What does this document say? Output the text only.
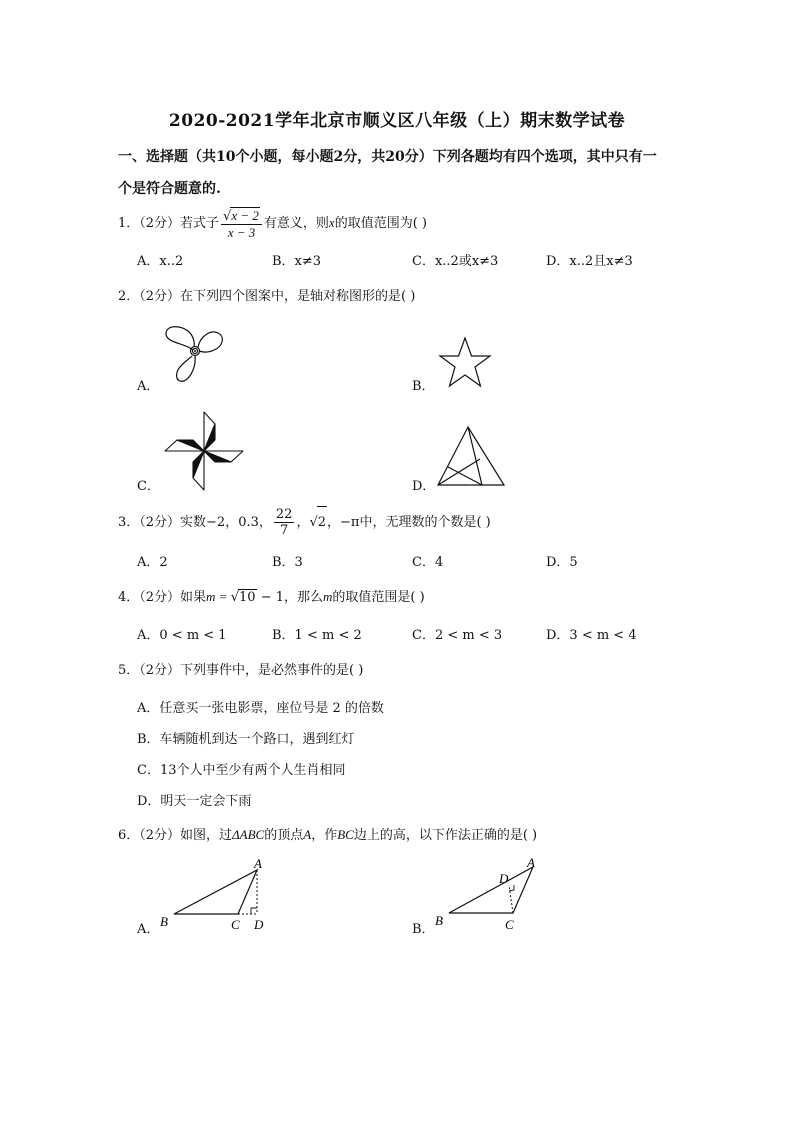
2020-2021学年北京市顺义区八年级（上）期末数学试卷
一、选择题（共10个小题，每小题2分，共20分）下列各题均有四个选项，其中只有一
个是符合题意的.
1．（2分）若式子 $\frac{√x - 2}{x - 3}$ 有意义，则x的取值范围为( )
A．x..2	B．x≠3	C．x..2或x≠3	D．x..2且x≠3
2．（2分）在下列四个图案中，是轴对称图形的是( )
A．	B．
C．	D．
3．（2分）实数−2，0.3， $\frac{22}{7}$ ，√2，−π中，无理数的个数是( )
A．2	B．3	C．4	D．5
4．（2分）如果m = √10 − 1，那么m的取值范围是( )
A．0 < m < 1	B．1 < m < 2	C．2 < m < 3	D．3 < m < 4
5．（2分）下列事件中，是必然事件的是( )
A．任意买一张电影票，座位号是 2 的倍数
B．车辆随机到达一个路口，遇到红灯
C．13个人中至少有两个人生肖相同
D．明天一定会下雨
6．（2分）如图，过ΔABC的顶点A，作BC边上的高，以下作法正确的是( )
A．	B．
A
B	C D
A
B	C
D
